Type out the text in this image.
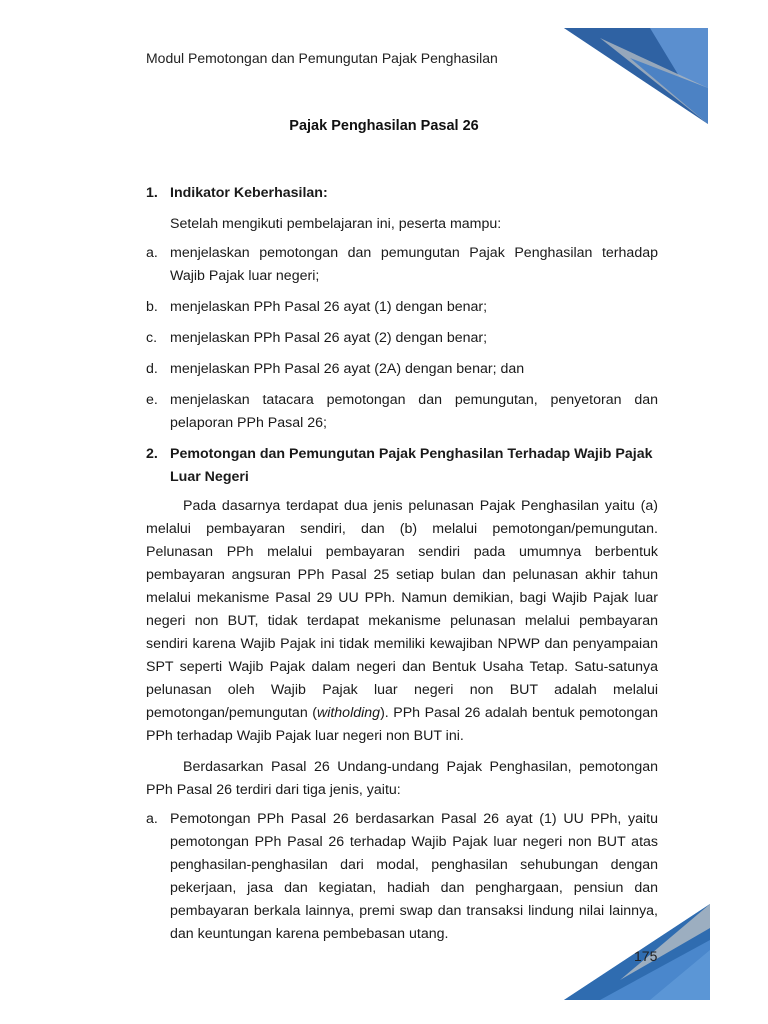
Modul Pemotongan dan Pemungutan Pajak Penghasilan
Pajak Penghasilan Pasal 26
1. Indikator Keberhasilan:
Setelah mengikuti pembelajaran ini, peserta mampu:
a. menjelaskan pemotongan dan pemungutan Pajak Penghasilan terhadap Wajib Pajak luar negeri;
b. menjelaskan PPh Pasal 26 ayat (1) dengan benar;
c. menjelaskan PPh Pasal 26 ayat (2) dengan benar;
d. menjelaskan PPh Pasal 26 ayat (2A) dengan benar; dan
e. menjelaskan tatacara pemotongan dan pemungutan, penyetoran dan pelaporan PPh Pasal 26;
2. Pemotongan dan Pemungutan Pajak Penghasilan Terhadap Wajib Pajak Luar Negeri
Pada dasarnya terdapat dua jenis pelunasan Pajak Penghasilan yaitu (a) melalui pembayaran sendiri, dan (b) melalui pemotongan/pemungutan. Pelunasan PPh melalui pembayaran sendiri pada umumnya berbentuk pembayaran angsuran PPh Pasal 25 setiap bulan dan pelunasan akhir tahun melalui mekanisme Pasal 29 UU PPh. Namun demikian, bagi Wajib Pajak luar negeri non BUT, tidak terdapat mekanisme pelunasan melalui pembayaran sendiri karena Wajib Pajak ini tidak memiliki kewajiban NPWP dan penyampaian SPT seperti Wajib Pajak dalam negeri dan Bentuk Usaha Tetap. Satu-satunya pelunasan oleh Wajib Pajak luar negeri non BUT adalah melalui pemotongan/pemungutan (witholding). PPh Pasal 26 adalah bentuk pemotongan PPh terhadap Wajib Pajak luar negeri non BUT ini.
Berdasarkan Pasal 26 Undang-undang Pajak Penghasilan, pemotongan PPh Pasal 26 terdiri dari tiga jenis, yaitu:
a. Pemotongan PPh Pasal 26 berdasarkan Pasal 26 ayat (1) UU PPh, yaitu pemotongan PPh Pasal 26 terhadap Wajib Pajak luar negeri non BUT atas penghasilan-penghasilan dari modal, penghasilan sehubungan dengan pekerjaan, jasa dan kegiatan, hadiah dan penghargaan, pensiun dan pembayaran berkala lainnya, premi swap dan transaksi lindung nilai lainnya, dan keuntungan karena pembebasan utang.
175
